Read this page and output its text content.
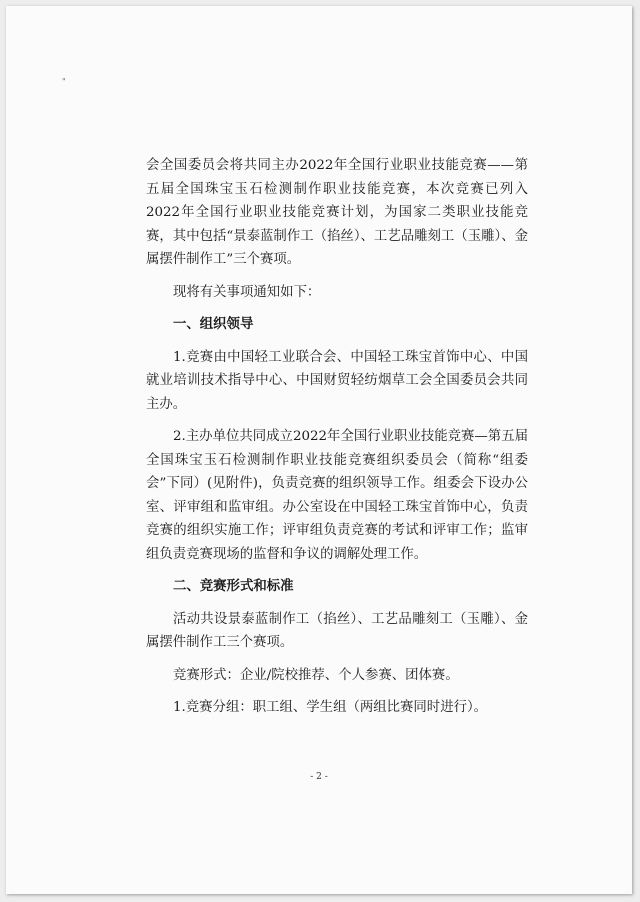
"

会全国委员会将共同主办2022年全国行业职业技能竞赛——第五届全国珠宝玉石检测制作职业技能竞赛，本次竞赛已列入2022年全国行业职业技能竞赛计划，为国家二类职业技能竞赛，其中包括“景泰蓝制作工（掐丝）、工艺品雕刻工（玉雕）、金属摆件制作工”三个赛项。

现将有关事项通知如下：

一、组织领导

1.竞赛由中国轻工业联合会、中国轻工珠宝首饰中心、中国就业培训技术指导中心、中国财贸轻纺烟草工会全国委员会共同主办。

2.主办单位共同成立2022年全国行业职业技能竞赛—第五届全国珠宝玉石检测制作职业技能竞赛组织委员会（简称“组委会”下同）(见附件)，负责竞赛的组织领导工作。组委会下设办公室、评审组和监审组。办公室设在中国轻工珠宝首饰中心，负责竞赛的组织实施工作；评审组负责竞赛的考试和评审工作；监审组负责竞赛现场的监督和争议的调解处理工作。

二、竞赛形式和标准

活动共设景泰蓝制作工（掐丝）、工艺品雕刻工（玉雕）、金属摆件制作工三个赛项。

竞赛形式：企业/院校推荐、个人参赛、团体赛。

1.竞赛分组：职工组、学生组（两组比赛同时进行）。

- 2 -
